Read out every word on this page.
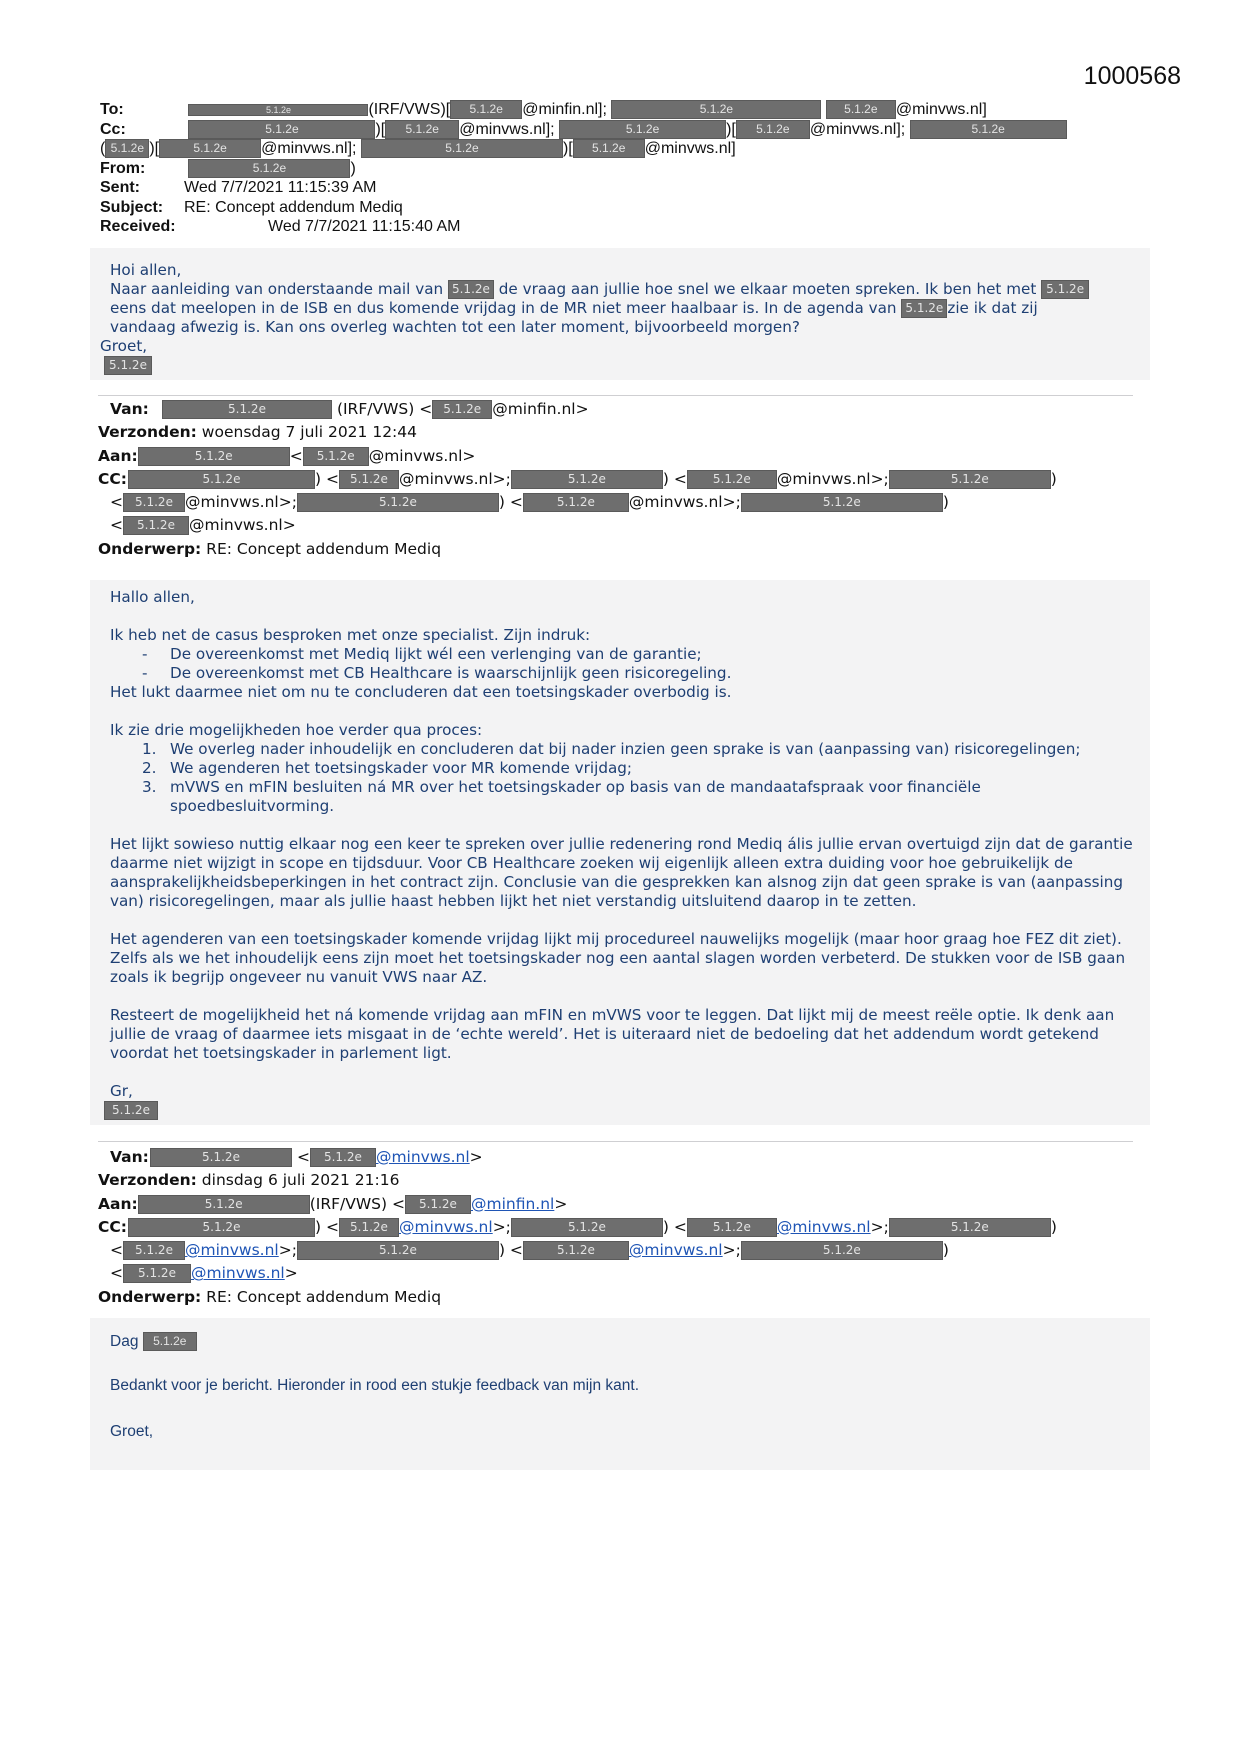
1000568
To:	5.1.2e	(IRF/VWS)[ 5.1.2e @minfin.nl];	5.1.2e	5.1.2e @minvws.nl]
Cc:	5.1.2e	)[ 5.1.2e @minvws.nl];	5.1.2e	)[ 5.1.2e @minvws.nl];	5.1.2e
( 5.1.2e )[	5.1.2e @minvws.nl];	5.1.2e	)[ 5.1.2e @minvws.nl]
From:	5.1.2e	)
Sent:	Wed 7/7/2021 11:15:39 AM
Subject: RE: Concept addendum Mediq
Received:	Wed 7/7/2021 11:15:40 AM

Hoi allen,

Naar aanleiding van onderstaande mail van 5.1.2e de vraag aan jullie hoe snel we elkaar moeten spreken. Ik ben het met 5.1.2e

eens dat meelopen in de ISB en dus komende vrijdag in de MR niet meer haalbaar is. In de agenda van 5.1.2e zie ik dat zij

vandaag afwezig is. Kan ons overleg wachten tot een later moment, bijvoorbeeld morgen?

Groet,

5.1.2e

Van:	5.1.2e	(IRF/VWS) < 5.1.2e @minfin.nl>
Verzonden: woensdag 7 juli 2021 12:44
Aan:	5.1.2e	< 5.1.2e @minvws.nl>
CC:	5.1.2e	) < 5.1.2e @minvws.nl>;	5.1.2e	) < 5.1.2e @minvws.nl>;	5.1.2e	)
< 5.1.2e @minvws.nl>;	5.1.2e	) <	5.1.2e @minvws.nl>;	5.1.2e	)
< 5.1.2e @minvws.nl>
Onderwerp: RE: Concept addendum Mediq

Hallo allen,

Ik heb net de casus besproken met onze specialist. Zijn indruk:

- De overeenkomst met Mediq lijkt wél een verlenging van de garantie;
- De overeenkomst met CB Healthcare is waarschijnlijk geen risicoregeling.

Het lukt daarmee niet om nu te concluderen dat een toetsingskader overbodig is.

Ik zie drie mogelijkheden hoe verder qua proces:

1. We overleg nader inhoudelijk en concluderen dat bij nader inzien geen sprake is van (aanpassing van) risicoregelingen;
2. We agenderen het toetsingskader voor MR komende vrijdag;
3. mVWS en mFIN besluiten ná MR over het toetsingskader op basis van de mandaatafspraak voor financiële spoedbesluitvorming.

Het lijkt sowieso nuttig elkaar nog een keer te spreken over jullie redenering rond Mediq ális jullie ervan overtuigd zijn dat de garantie daarme niet wijzigt in scope en tijdsduur. Voor CB Healthcare zoeken wij eigenlijk alleen extra duiding voor hoe gebruikelijk de aansprakelijkheidsbeperkingen in het contract zijn. Conclusie van die gesprekken kan alsnog zijn dat geen sprake is van (aanpassing van) risicoregelingen, maar als jullie haast hebben lijkt het niet verstandig uitsluitend daarop in te zetten.

Het agenderen van een toetsingskader komende vrijdag lijkt mij procedureel nauwelijks mogelijk (maar hoor graag hoe FEZ dit ziet). Zelfs als we het inhoudelijk eens zijn moet het toetsingskader nog een aantal slagen worden verbeterd. De stukken voor de ISB gaan zoals ik begrijp ongeveer nu vanuit VWS naar AZ.

Resteert de mogelijkheid het ná komende vrijdag aan mFIN en mVWS voor te leggen. Dat lijkt mij de meest reële optie. Ik denk aan jullie de vraag of daarmee iets misgaat in de ‘echte wereld’. Het is uiteraard niet de bedoeling dat het addendum wordt getekend voordat het toetsingskader in parlement ligt.

Gr,

5.1.2e

Van:	5.1.2e	< 5.1.2e @minvws.nl>
Verzonden: dinsdag 6 juli 2021 21:16
Aan:	5.1.2e	(IRF/VWS) < 5.1.2e @minfin.nl>
CC:	5.1.2e	) < 5.1.2e @minvws.nl>;	5.1.2e	) < 5.1.2e @minvws.nl>;	5.1.2e	)
< 5.1.2e @minvws.nl>;	5.1.2e	) <	5.1.2e @minvws.nl>;	5.1.2e	)
< 5.1.2e @minvws.nl>
Onderwerp: RE: Concept addendum Mediq

Dag 5.1.2e

Bedankt voor je bericht. Hieronder in rood een stukje feedback van mijn kant.

Groet,
